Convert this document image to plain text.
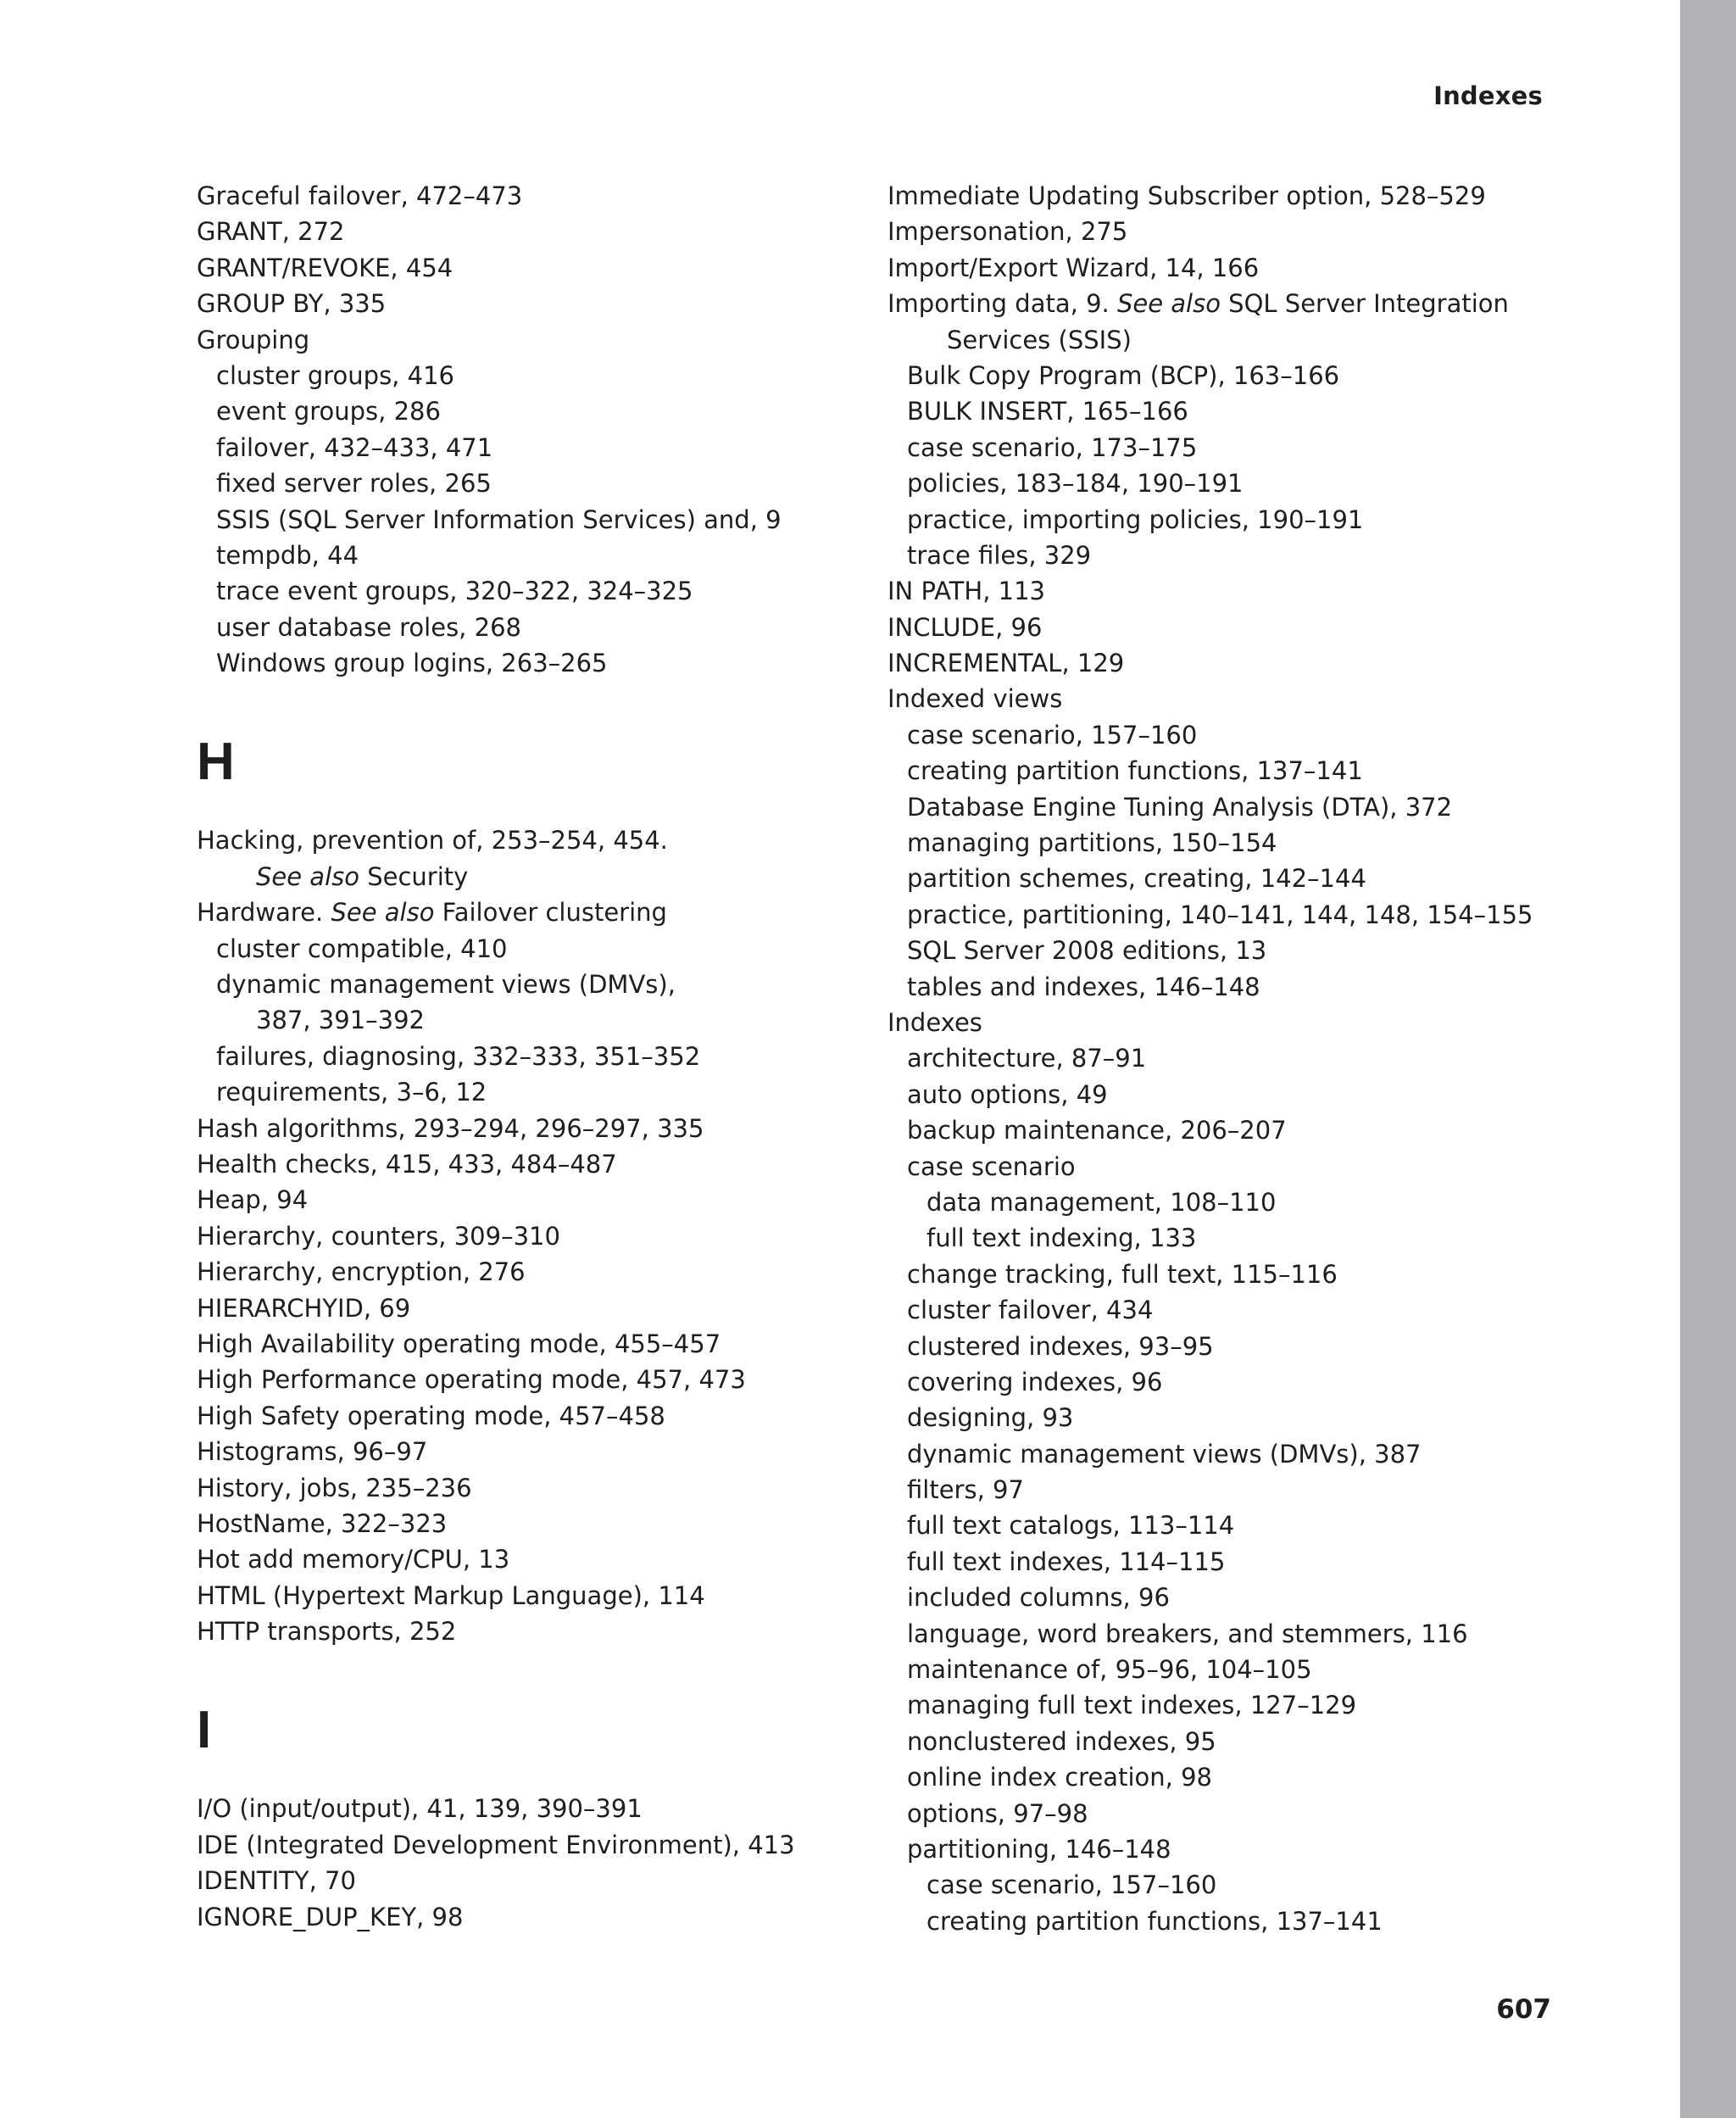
Indexes
Graceful failover, 472–473
GRANT, 272
GRANT/REVOKE, 454
GROUP BY, 335
Grouping
cluster groups, 416
event groups, 286
failover, 432–433, 471
fixed server roles, 265
SSIS (SQL Server Information Services) and, 9
tempdb, 44
trace event groups, 320–322, 324–325
user database roles, 268
Windows group logins, 263–265
H
Hacking, prevention of, 253–254, 454.
See also Security
Hardware. See also Failover clustering
cluster compatible, 410
dynamic management views (DMVs),
387, 391–392
failures, diagnosing, 332–333, 351–352
requirements, 3–6, 12
Hash algorithms, 293–294, 296–297, 335
Health checks, 415, 433, 484–487
Heap, 94
Hierarchy, counters, 309–310
Hierarchy, encryption, 276
HIERARCHYID, 69
High Availability operating mode, 455–457
High Performance operating mode, 457, 473
High Safety operating mode, 457–458
Histograms, 96–97
History, jobs, 235–236
HostName, 322–323
Hot add memory/CPU, 13
HTML (Hypertext Markup Language), 114
HTTP transports, 252
I
I/O (input/output), 41, 139, 390–391
IDE (Integrated Development Environment), 413
IDENTITY, 70
IGNORE_DUP_KEY, 98
Immediate Updating Subscriber option, 528–529
Impersonation, 275
Import/Export Wizard, 14, 166
Importing data, 9. See also SQL Server Integration
Services (SSIS)
Bulk Copy Program (BCP), 163–166
BULK INSERT, 165–166
case scenario, 173–175
policies, 183–184, 190–191
practice, importing policies, 190–191
trace files, 329
IN PATH, 113
INCLUDE, 96
INCREMENTAL, 129
Indexed views
case scenario, 157–160
creating partition functions, 137–141
Database Engine Tuning Analysis (DTA), 372
managing partitions, 150–154
partition schemes, creating, 142–144
practice, partitioning, 140–141, 144, 148, 154–155
SQL Server 2008 editions, 13
tables and indexes, 146–148
Indexes
architecture, 87–91
auto options, 49
backup maintenance, 206–207
case scenario
data management, 108–110
full text indexing, 133
change tracking, full text, 115–116
cluster failover, 434
clustered indexes, 93–95
covering indexes, 96
designing, 93
dynamic management views (DMVs), 387
filters, 97
full text catalogs, 113–114
full text indexes, 114–115
included columns, 96
language, word breakers, and stemmers, 116
maintenance of, 95–96, 104–105
managing full text indexes, 127–129
nonclustered indexes, 95
online index creation, 98
options, 97–98
partitioning, 146–148
case scenario, 157–160
creating partition functions, 137–141
607
